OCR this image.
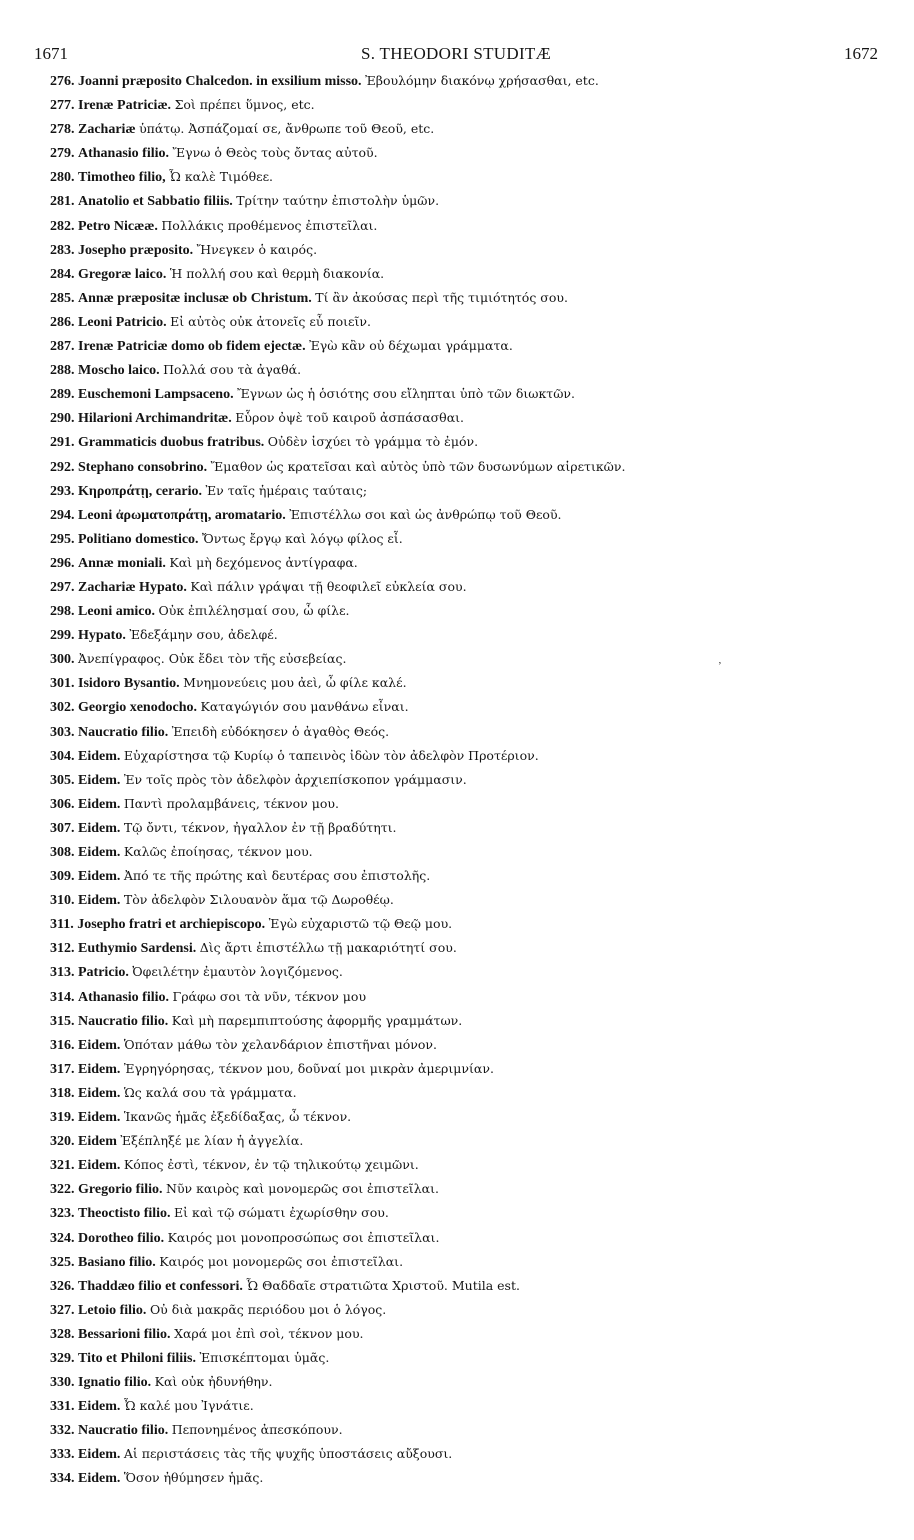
1671	S. THEODORI STUDITÆ	1672
276. Joanni præposito Chalcedon. in exsilium misso. Ἐβουλόμην διακόνῳ χρήσασθαι, etc.
277. Irenæ Patriciæ. Σοὶ πρέπει ὕμνος, etc.
278. Zachariæ ὑπάτῳ. Ἀσπάζομαί σε, ἄνθρωπε τοῦ Θεοῦ, etc.
279. Athanasio filio. Ἔγνω ὁ Θεὸς τοὺς ὄντας αὐτοῦ.
280. Timotheo filio, Ὦ καλὲ Τιμόθεε.
281. Anatolio et Sabbatio filiis. Τρίτην ταύτην ἐπιστολὴν ὑμῶν.
282. Petro Nicææ. Πολλάκις προθέμενος ἐπιστεῖλαι.
283. Josepho præposito. Ἤνεγκεν ὁ καιρός.
284. Gregoræ laico. Ἡ πολλή σου καὶ θερμὴ διακονία.
285. Annæ præpositæ inclusæ ob Christum. Τί ἂν ἀκούσας περὶ τῆς τιμιότητός σου.
286. Leoni Patricio. Εἰ αὐτὸς οὐκ ἀτονεῖς εὖ ποιεῖν.
287. Irenæ Patriciæ domo ob fidem ejectæ. Ἐγὼ κἂν οὐ δέχωμαι γράμματα.
288. Moscho laico. Πολλά σου τὰ ἀγαθά.
289. Euschemoni Lampsaceno. Ἔγνων ὡς ἡ ὁσιότης σου εἴληπται ὑπὸ τῶν διωκτῶν.
290. Hilarioni Archimandritæ. Εὗρον ὀψὲ τοῦ καιροῦ ἀσπάσασθαι.
291. Grammaticis duobus fratribus. Οὐδὲν ἰσχύει τὸ γράμμα τὸ ἐμόν.
292. Stephano consobrino. Ἔμαθον ὡς κρατεῖσαι καὶ αὐτὸς ὑπὸ τῶν δυσωνύμων αἱρετικῶν.
293. Κηροπράτῃ, cerario. Ἐν ταῖς ἡμέραις ταύταις;
294. Leoni ἀρωματοπράτῃ, aromatario. Ἐπιστέλλω σοι καὶ ὡς ἀνθρώπῳ τοῦ Θεοῦ.
295. Politiano domestico. Ὄντως ἔργῳ καὶ λόγῳ φίλος εἶ.
296. Annæ moniali. Καὶ μὴ δεχόμενος ἀντίγραφα.
297. Zachariæ Hypato. Καὶ πάλιν γράψαι τῇ θεοφιλεῖ εὐκλεία σου.
298. Leoni amico. Οὐκ ἐπιλέλησμαί σου, ὦ φίλε.
299. Hypato. Ἐδεξάμην σου, ἀδελφέ.
300. Ἀνεπίγραφος. Οὐκ ἔδει τὸν τῆς εὐσεβείας.
301. Isidoro Bysantio. Μνημονεύεις μου ἀεὶ, ὦ φίλε καλέ.
302. Georgio xenodocho. Καταγώγιόν σου μανθάνω εἶναι.
303. Naucratio filio. Ἐπειδὴ εὐδόκησεν ὁ ἀγαθὸς Θεός.
304. Eidem. Εὐχαρίστησα τῷ Κυρίῳ ὁ ταπεινὸς ἰδὼν τὸν ἀδελφὸν Προτέριον.
305. Eidem. Ἐν τοῖς πρὸς τὸν ἀδελφὸν ἀρχιεπίσκοπον γράμμασιν.
306. Eidem. Παντὶ προλαμβάνεις, τέκνον μου.
307. Eidem. Τῷ ὄντι, τέκνον, ἠγαλλον ἐν τῇ βραδύτητι.
308. Eidem. Καλῶς ἐποίησας, τέκνον μου.
309. Eidem. Ἀπό τε τῆς πρώτης καὶ δευτέρας σου ἐπιστολῆς.
310. Eidem. Τὸν ἀδελφὸν Σιλουανὸν ἅμα τῷ Δωροθέῳ.
311. Josepho fratri et archiepiscopo. Ἐγὼ εὐχαριστῶ τῷ Θεῷ μου.
312. Euthymio Sardensi. Δὶς ἄρτι ἐπιστέλλω τῇ μακαριότητί σου.
313. Patricio. Ὀφειλέτην ἐμαυτὸν λογιζόμενος.
314. Athanasio filio. Γράφω σοι τὰ νῦν, τέκνον μου
315. Naucratio filio. Καὶ μὴ παρεμπιπτούσης ἀφορμῆς γραμμάτων.
316. Eidem. Ὁπόταν μάθω τὸν χελανδάριον ἐπιστῆναι μόνον.
317. Eidem. Ἐγρηγόρησας, τέκνον μου, δοῦναί μοι μικρὰν ἀμεριμνίαν.
318. Eidem. Ὡς καλά σου τὰ γράμματα.
319. Eidem. Ἱκανῶς ἡμᾶς ἐξεδίδαξας, ὦ τέκνον.
320. Eidem Ἐξέπληξέ με λίαν ἡ ἀγγελία.
321. Eidem. Κόπος ἐστὶ, τέκνον, ἐν τῷ τηλικούτῳ χειμῶνι.
322. Gregorio filio. Νῦν καιρὸς καὶ μονομερῶς σοι ἐπιστεῖλαι.
323. Theoctisto filio. Εἰ καὶ τῷ σώματι ἐχωρίσθην σου.
324. Dorotheo filio. Καιρός μοι μονοπροσώπως σοι ἐπιστεῖλαι.
325. Basiano filio. Καιρός μοι μονομερῶς σοι ἐπιστεῖλαι.
326. Thaddæo filio et confessori. Ὦ Θαδδαῖε στρατιῶτα Χριστοῦ. Mutila est.
327. Letoio filio. Οὐ διὰ μακρᾶς περιόδου μοι ὁ λόγος.
328. Bessarioni filio. Χαρά μοι ἐπὶ σοὶ, τέκνον μου.
329. Tito et Philoni filiis. Ἐπισκέπτομαι ὑμᾶς.
330. Ignatio filio. Καὶ οὐκ ἠδυνήθην.
331. Eidem. Ὦ καλέ μου Ἰγνάτιε.
332. Naucratio filio. Πεπονημένος ἀπεσκόπουν.
333. Eidem. Αἱ περιστάσεις τὰς τῆς ψυχῆς ὑποστάσεις αὔξουσι.
334. Eidem. Ὅσον ἠθύμησεν ἡμᾶς.
ʼ
